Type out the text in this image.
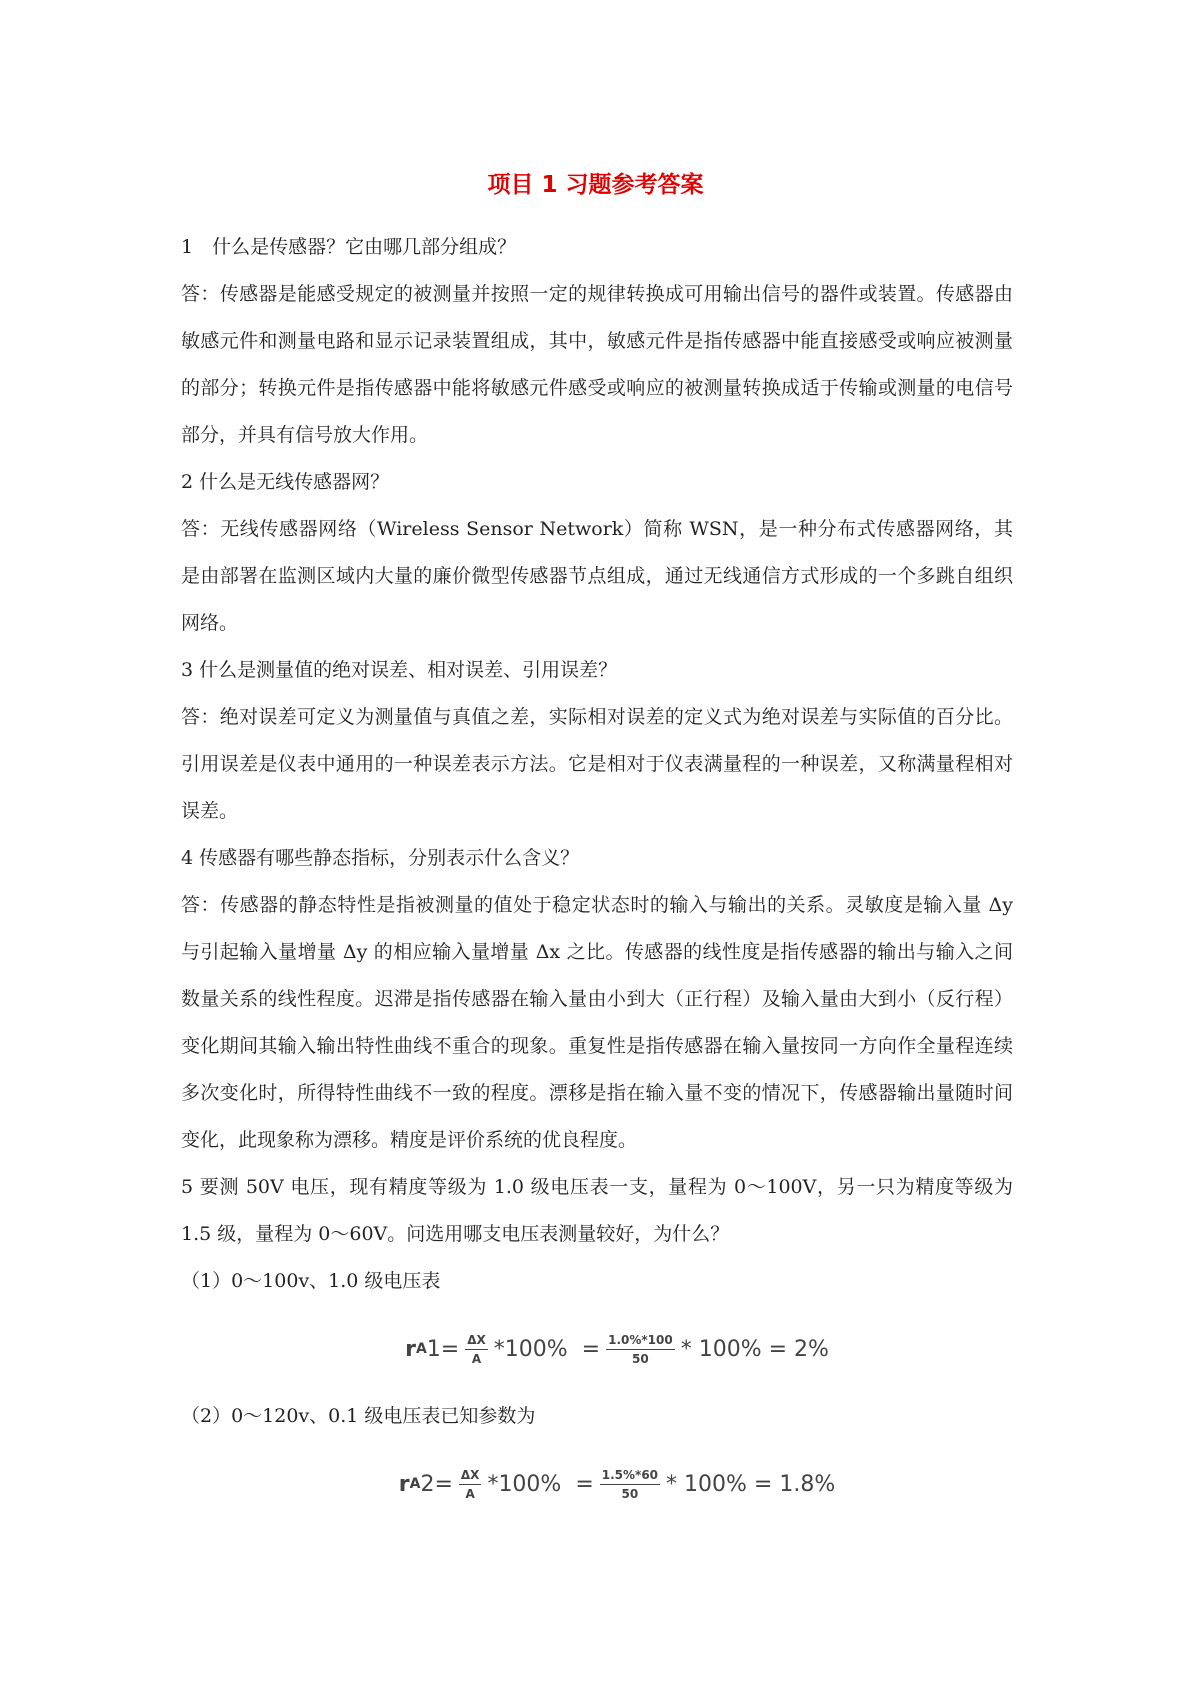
项目 1 习题参考答案

1　什么是传感器？它由哪几部分组成？

答：传感器是能感受规定的被测量并按照一定的规律转换成可用输出信号的器件或装置。传感器由敏感元件和测量电路和显示记录装置组成，其中，敏感元件是指传感器中能直接感受或响应被测量的部分；转换元件是指传感器中能将敏感元件感受或响应的被测量转换成适于传输或测量的电信号部分，并具有信号放大作用。

2 什么是无线传感器网？

答：无线传感器网络（Wireless Sensor Network）简称 WSN，是一种分布式传感器网络，其是由部署在监测区域内大量的廉价微型传感器节点组成，通过无线通信方式形成的一个多跳自组织网络。

3 什么是测量值的绝对误差、相对误差、引用误差？

答：绝对误差可定义为测量值与真值之差，实际相对误差的定义式为绝对误差与实际值的百分比。引用误差是仪表中通用的一种误差表示方法。它是相对于仪表满量程的一种误差，又称满量程相对误差。

4 传感器有哪些静态指标，分别表示什么含义？

答：传感器的静态特性是指被测量的值处于稳定状态时的输入与输出的关系。灵敏度是输入量 Δy 与引起输入量增量 Δy 的相应输入量增量 Δx 之比。传感器的线性度是指传感器的输出与输入之间数量关系的线性程度。迟滞是指传感器在输入量由小到大（正行程）及输入量由大到小（反行程）变化期间其输入输出特性曲线不重合的现象。重复性是指传感器在输入量按同一方向作全量程连续多次变化时，所得特性曲线不一致的程度。漂移是指在输入量不变的情况下，传感器输出量随时间变化，此现象称为漂移。精度是评价系统的优良程度。

5 要测 50V 电压，现有精度等级为 1.0 级电压表一支，量程为 0～100V，另一只为精度等级为 1.5 级，量程为 0～60V。问选用哪支电压表测量较好，为什么？

（1）0～100v、1.0 级电压表

r A $1= \frac{\Delta X}{A} *100\% = \frac{1.0\%*100}{50} * 100\% = 2\%$

（2）0～120v、0.1 级电压表已知参数为

r A $2= \frac{\Delta X}{A} *100\% = \frac{1.5\%*60}{50} * 100\% = 1.8\%$
